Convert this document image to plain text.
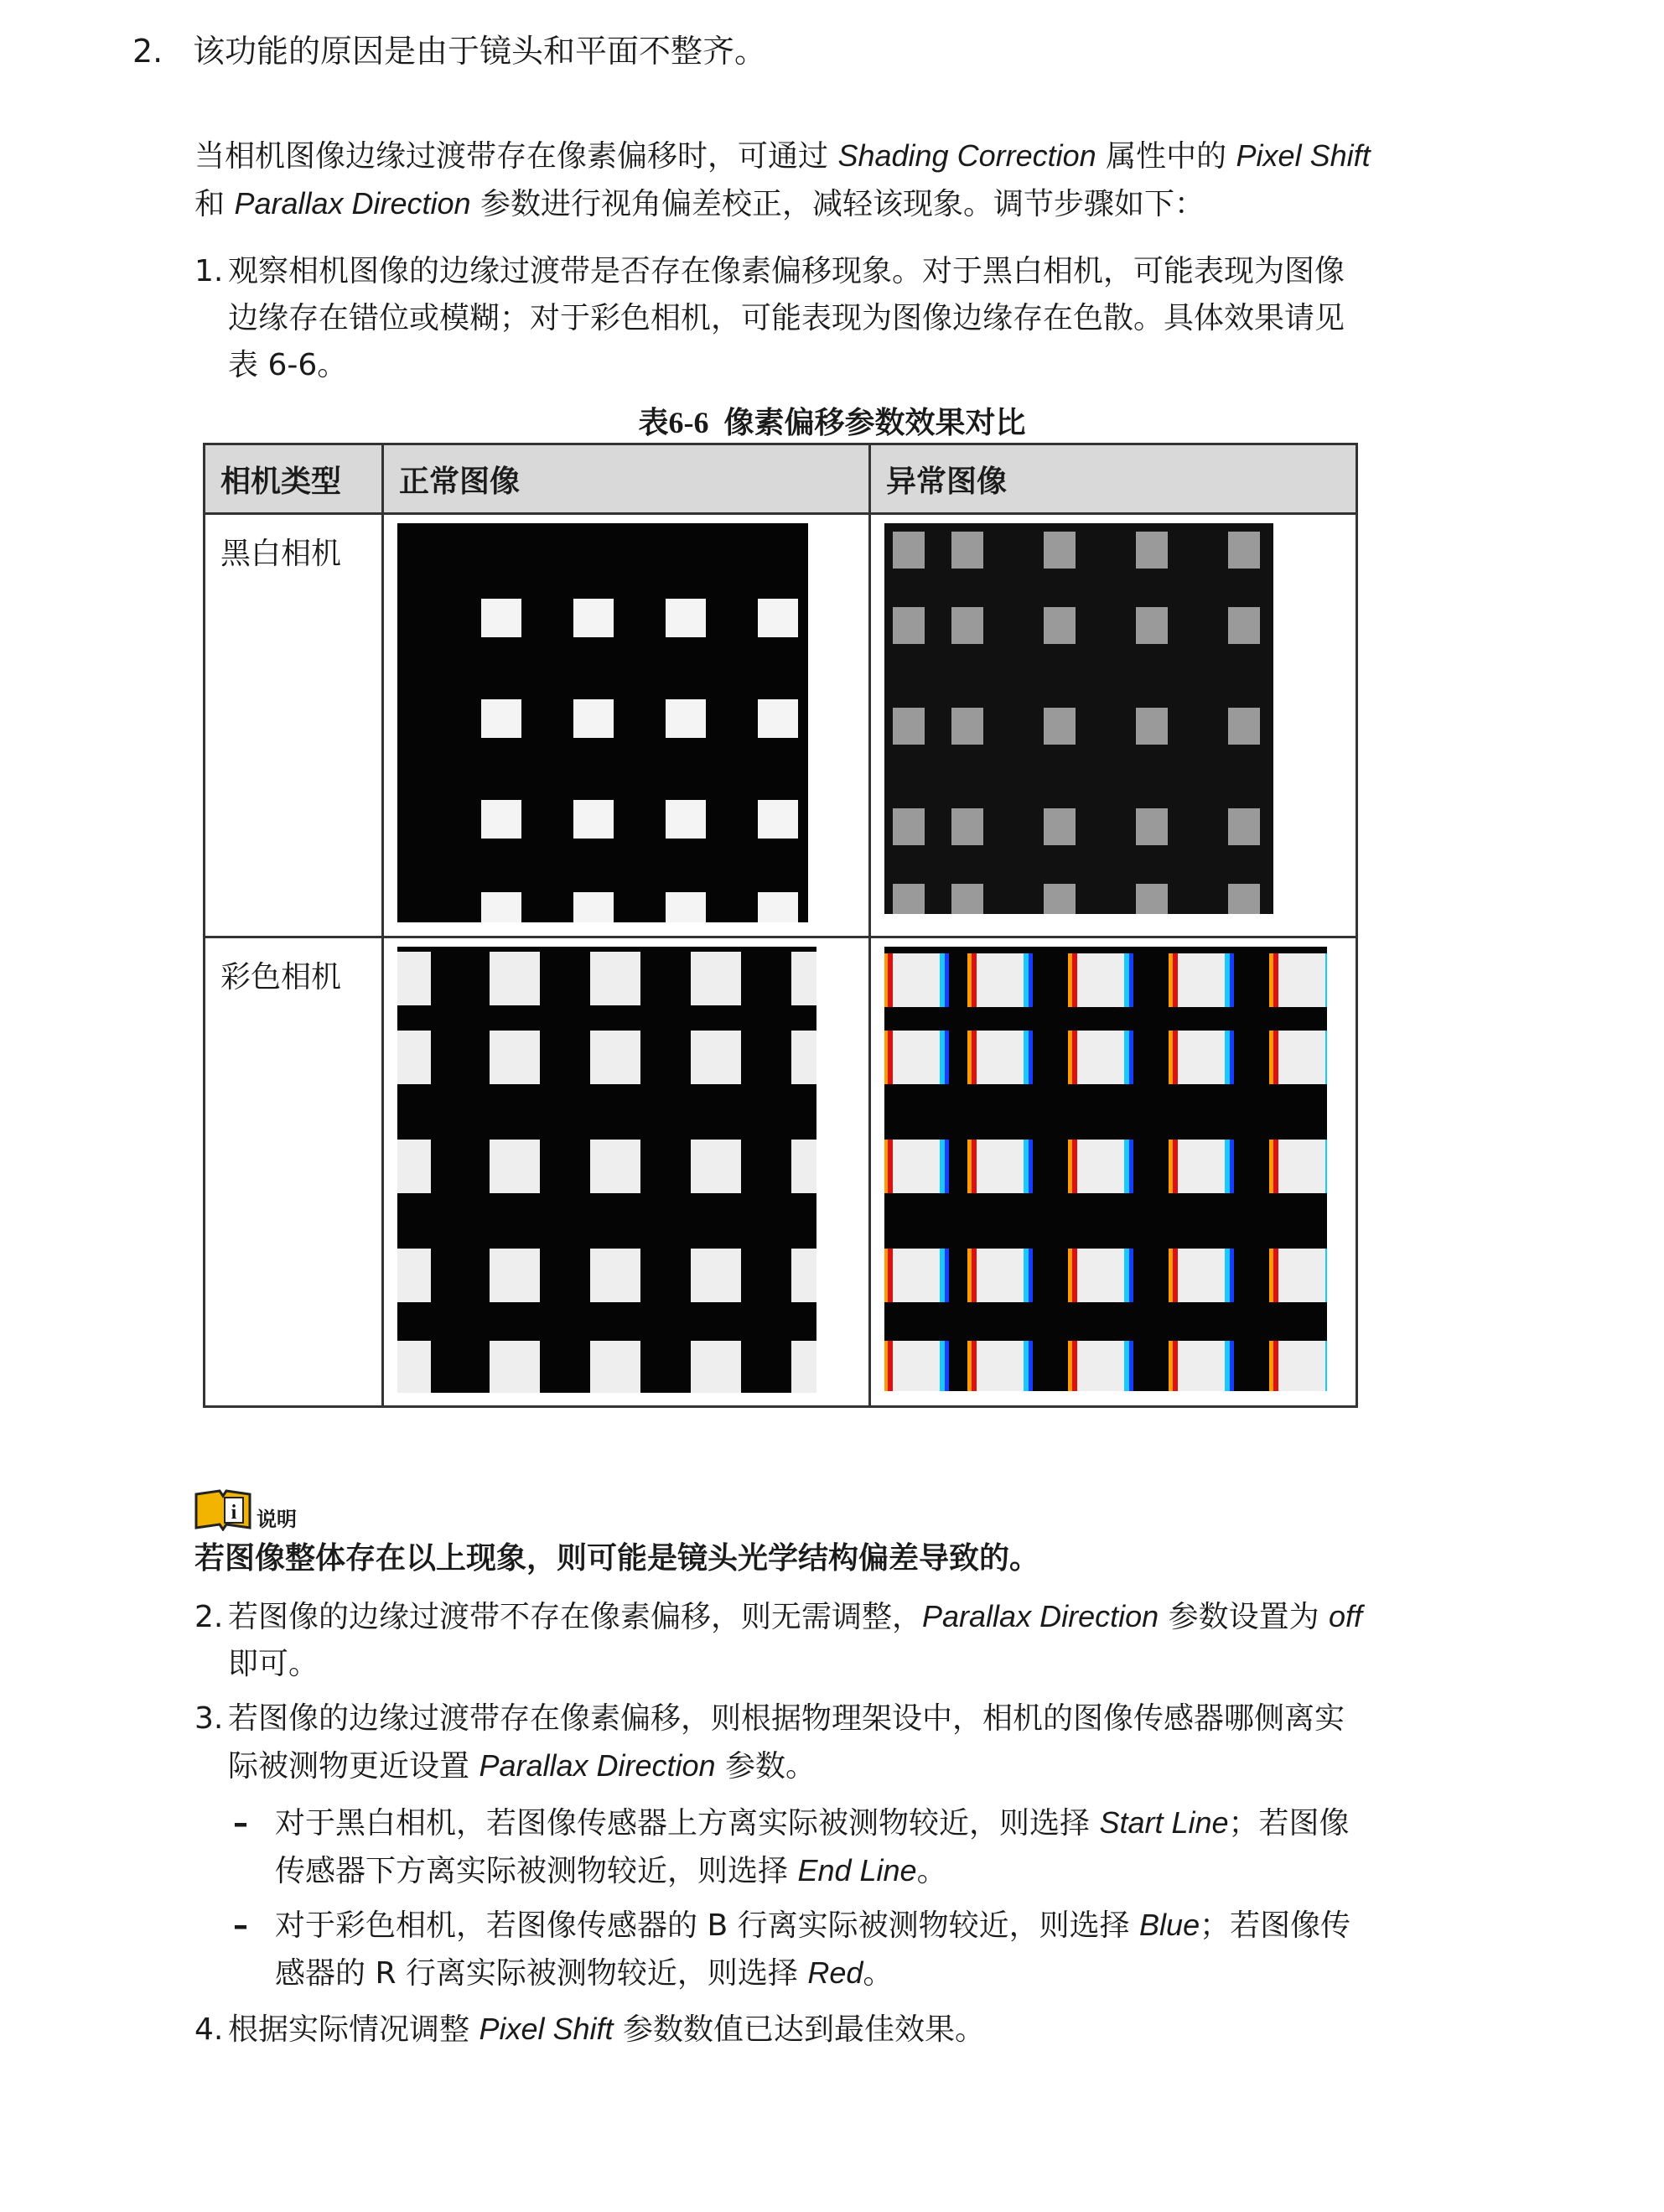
2. 该功能的原因是由于镜头和平面不整齐。
当相机图像边缘过渡带存在像素偏移时，可通过 Shading Correction 属性中的 Pixel Shift
和 Parallax Direction 参数进行视角偏差校正，减轻该现象。调节步骤如下：
1. 观察相机图像的边缘过渡带是否存在像素偏移现象。对于黑白相机，可能表现为图像
边缘存在错位或模糊；对于彩色相机，可能表现为图像边缘存在色散。具体效果请见
表 6-6。
表6-6 像素偏移参数效果对比
相机类型	正常图像	异常图像
黑白相机	

彩色相机	

i 说明
若图像整体存在以上现象，则可能是镜头光学结构偏差导致的。
2. 若图像的边缘过渡带不存在像素偏移，则无需调整，Parallax Direction 参数设置为 off
即可。
3. 若图像的边缘过渡带存在像素偏移，则根据物理架设中，相机的图像传感器哪侧离实
际被测物更近设置 Parallax Direction 参数。
– 对于黑白相机，若图像传感器上方离实际被测物较近，则选择 Start Line；若图像
传感器下方离实际被测物较近，则选择 End Line。
– 对于彩色相机，若图像传感器的 B 行离实际被测物较近，则选择 Blue；若图像传
感器的 R 行离实际被测物较近，则选择 Red。
4. 根据实际情况调整 Pixel Shift 参数数值已达到最佳效果。
